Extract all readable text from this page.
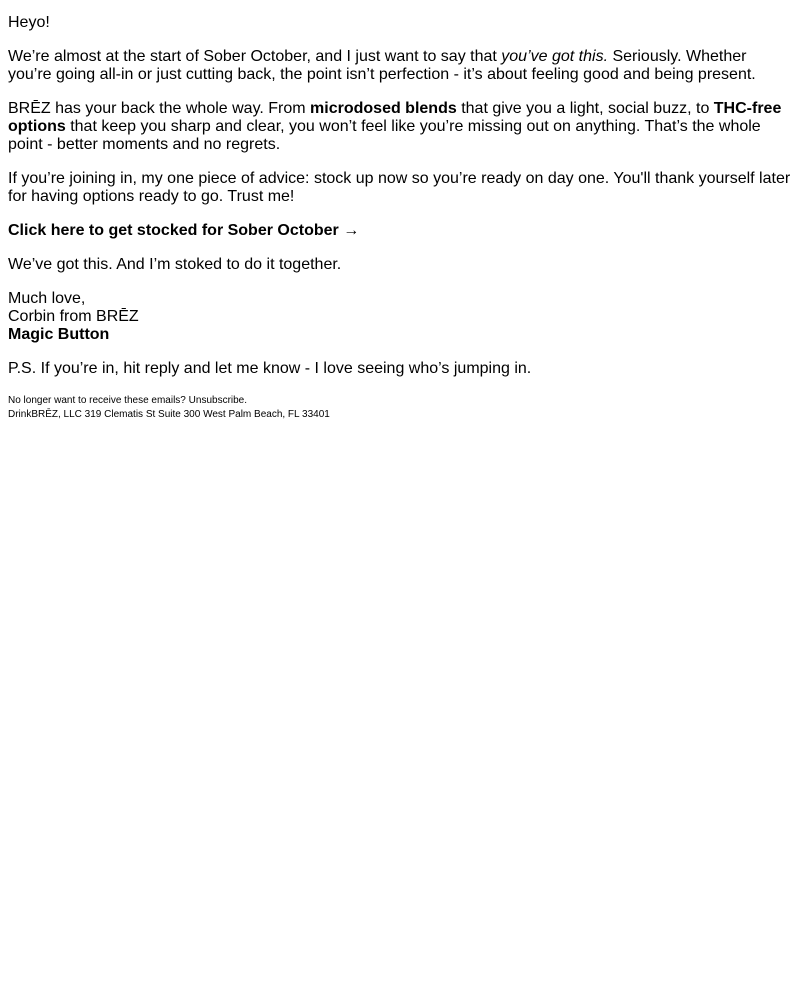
Heyo!

We’re almost at the start of Sober October, and I just want to say that you’ve got this. Seriously. Whether you’re going all-in or just cutting back, the point isn’t perfection - it’s about feeling good and being present.

BRĒZ has your back the whole way. From microdosed blends that give you a light, social buzz, to THC-free options that keep you sharp and clear, you won’t feel like you’re missing out on anything. That’s the whole point - better moments and no regrets.

If you’re joining in, my one piece of advice: stock up now so you’re ready on day one. You'll thank yourself later for having options ready to go. Trust me!

Click here to get stocked for Sober October →

We’ve got this. And I’m stoked to do it together.

Much love,
Corbin from BRĒZ
Magic Button

P.S. If you’re in, hit reply and let me know - I love seeing who’s jumping in.

No longer want to receive these emails? Unsubscribe.
DrinkBRĒZ, LLC 319 Clematis St Suite 300 West Palm Beach, FL 33401
